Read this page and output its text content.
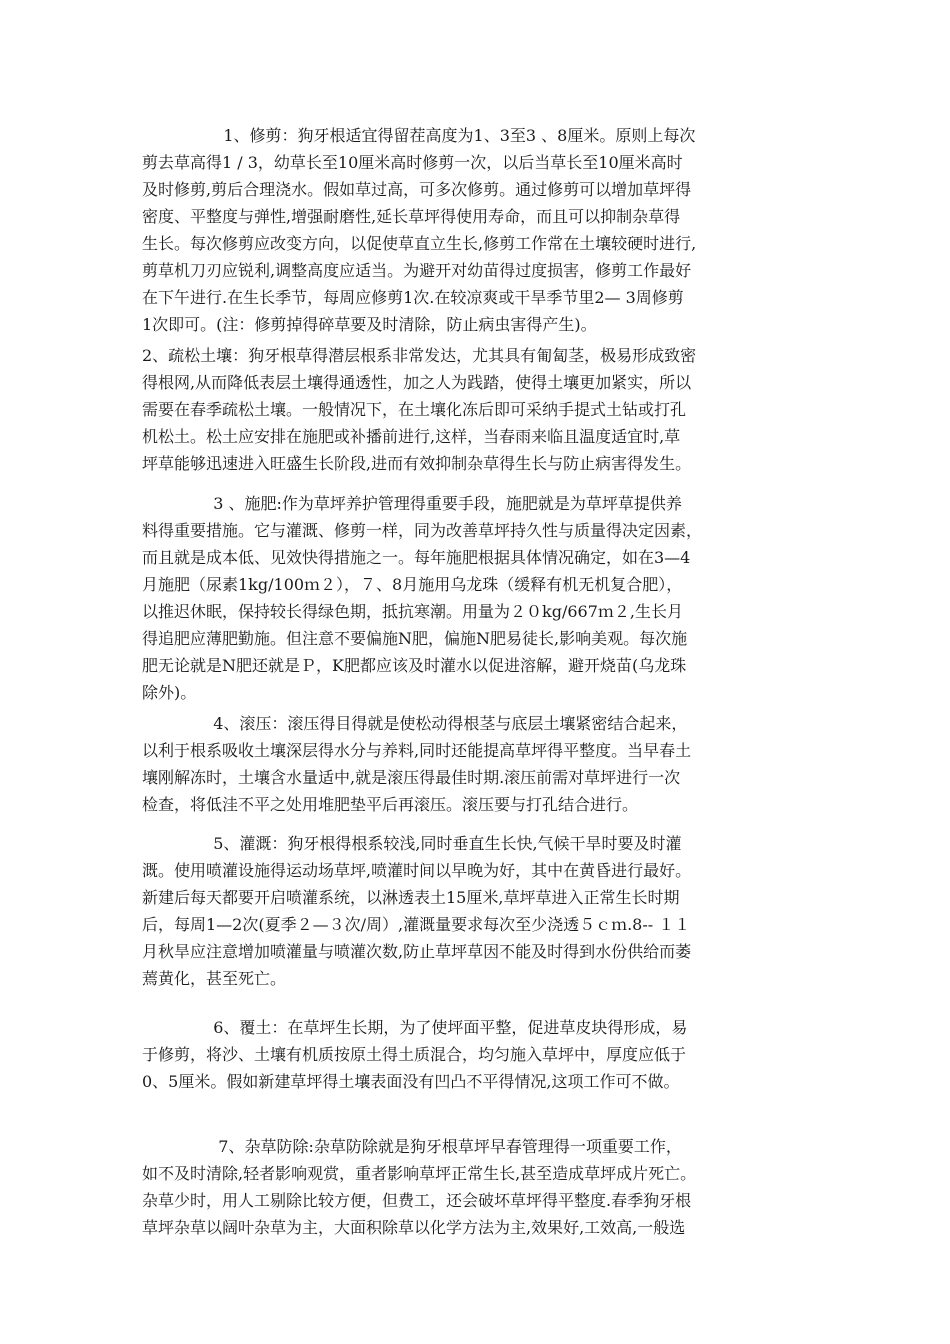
1、修剪：狗牙根适宜得留茬高度为1、3至3 、8厘米。原则上每次
剪去草高得1 / 3，幼草长至10厘米高时修剪一次，以后当草长至10厘米高时
及时修剪,剪后合理浇水。假如草过高，可多次修剪。通过修剪可以增加草坪得
密度、平整度与弹性,增强耐磨性,延长草坪得使用寿命，而且可以抑制杂草得
生长。每次修剪应改变方向，以促使草直立生长,修剪工作常在土壤较硬时进行,
剪草机刀刃应锐利,调整高度应适当。为避开对幼苗得过度损害，修剪工作最好
在下午进行.在生长季节，每周应修剪1次.在较凉爽或干旱季节里2— 3周修剪
1次即可。(注：修剪掉得碎草要及时清除，防止病虫害得产生)。
2、疏松土壤：狗牙根草得潜层根系非常发达，尤其具有匍匐茎，极易形成致密
得根网,从而降低表层土壤得通透性，加之人为践踏，使得土壤更加紧实，所以
需要在春季疏松土壤。一般情况下，在土壤化冻后即可采纳手提式土钻或打孔
机松土。松土应安排在施肥或补播前进行,这样，当春雨来临且温度适宜时,草
坪草能够迅速进入旺盛生长阶段,进而有效抑制杂草得生长与防止病害得发生。
3 、施肥:作为草坪养护管理得重要手段，施肥就是为草坪草提供养
料得重要措施。它与灌溉、修剪一样，同为改善草坪持久性与质量得决定因素，
而且就是成本低、见效快得措施之一。每年施肥根据具体情况确定，如在3—4
月施肥（尿素1kg/100ｍ２），７、8月施用乌龙珠（缓释有机无机复合肥），
以推迟休眠，保持较长得绿色期，抵抗寒潮。用量为２０kg/667ｍ２,生长月
得追肥应薄肥勤施。但注意不要偏施N肥，偏施N肥易徒长,影响美观。每次施
肥无论就是N肥还就是Ｐ，K肥都应该及时灌水以促进溶解，避开烧苗(乌龙珠
除外)。
4、滚压：滚压得目得就是使松动得根茎与底层土壤紧密结合起来，
以利于根系吸收土壤深层得水分与养料,同时还能提高草坪得平整度。当早春土
壤刚解冻时，土壤含水量适中,就是滚压得最佳时期.滚压前需对草坪进行一次
检查，将低洼不平之处用堆肥垫平后再滚压。滚压要与打孔结合进行。
5、灌溉：狗牙根得根系较浅,同时垂直生长快,气候干旱时要及时灌
溉。使用喷灌设施得运动场草坪,喷灌时间以早晚为好，其中在黄昏进行最好。
新建后每天都要开启喷灌系统，以淋透表土15厘米,草坪草进入正常生长时期
后，每周1—2次(夏季２—３次/周）,灌溉量要求每次至少浇透５ｃｍ.8-- １１
月秋旱应注意增加喷灌量与喷灌次数,防止草坪草因不能及时得到水份供给而萎
蔫黄化，甚至死亡。
6、覆土：在草坪生长期，为了使坪面平整，促进草皮块得形成，易
于修剪，将沙、土壤有机质按原土得土质混合，均匀施入草坪中，厚度应低于
0、5厘米。假如新建草坪得土壤表面没有凹凸不平得情况,这项工作可不做。
7、杂草防除:杂草防除就是狗牙根草坪早春管理得一项重要工作，
如不及时清除,轻者影响观赏，重者影响草坪正常生长,甚至造成草坪成片死亡。
杂草少时，用人工剔除比较方便，但费工，还会破坏草坪得平整度.春季狗牙根
草坪杂草以阔叶杂草为主，大面积除草以化学方法为主,效果好,工效高,一般选
